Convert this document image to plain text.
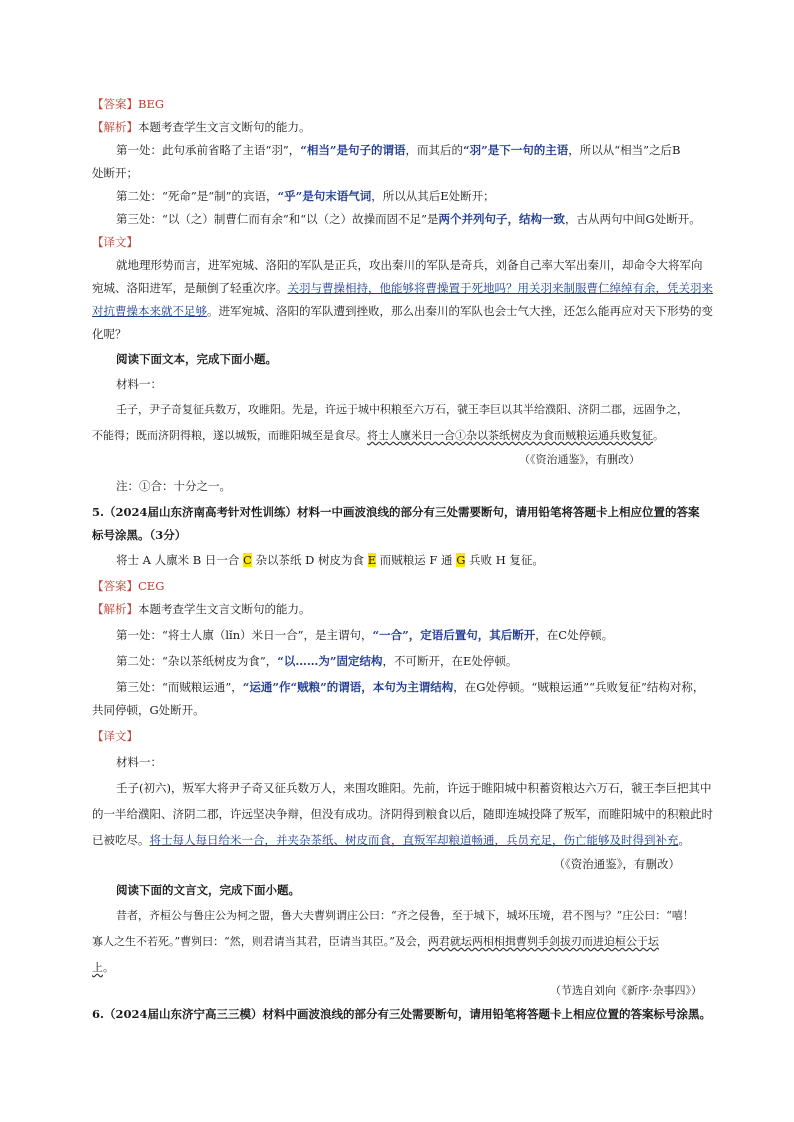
【答案】BEG
【解析】本题考查学生文言文断句的能力。
第一处：此句承前省略了主语“羽”，“相当”是句子的谓语，而其后的“羽”是下一句的主语，所以从“相当”之后B
处断开；
第二处：“死命”是“制”的宾语，“乎”是句末语气词，所以从其后E处断开；
第三处：“以（之）制曹仁而有余”和“以（之）故操而固不足”是两个并列句子，结构一致，古从两句中间G处断开。
【译文】
就地理形势而言，进军宛城、洛阳的军队是正兵，攻出秦川的军队是奇兵，刘备自己率大军出秦川，却命令大将军向
宛城、洛阳进军，是颠倒了轻重次序。关羽与曹操相持，他能够将曹操置于死地吗？用关羽来制服曹仁绰绰有余，凭关羽来
对抗曹操本来就不足够。进军宛城、洛阳的军队遭到挫败，那么出秦川的军队也会士气大挫，还怎么能再应对天下形势的变
化呢？
阅读下面文本，完成下面小题。
材料一：
壬子，尹子奇复征兵数万，攻睢阳。先是，许远于城中积粮至六万石，虢王李巨以其半给濮阳、济阴二郡，远固争之，
不能得；既而济阴得粮，遂以城叛，而睢阳城至是食尽。将士人廪米日一合①杂以茶纸树皮为食而贼粮运通兵败复征。
（《资治通鉴》，有删改）
注：①合：十分之一。
5.（2024届山东济南高考针对性训练）材料一中画波浪线的部分有三处需要断句，请用铅笔将答题卡上相应位置的答案
标号涂黑。（3分）
将士 A 人廪米 B 日一合 C 杂以茶纸 D 树皮为食 E 而贼粮运 F 通 G 兵败 H 复征。
【答案】CEG
【解析】本题考查学生文言文断句的能力。
第一处：“将士人廪（lǐn）米日一合”，是主谓句，“一合”，定语后置句，其后断开，在C处停顿。
第二处：“杂以茶纸树皮为食”，“以……为”固定结构，不可断开，在E处停顿。
第三处：“而贼粮运通”，“运通”作“贼粮”的谓语，本句为主谓结构，在G处停顿。“贼粮运通”“兵败复征”结构对称，
共同停顿，G处断开。
【译文】
材料一：
壬子(初六)，叛军大将尹子奇又征兵数万人，来围攻睢阳。先前，许远于睢阳城中积蓄资粮达六万石，虢王李巨把其中
的一半给濮阳、济阴二郡，许远坚决争辩，但没有成功。济阴得到粮食以后，随即连城投降了叛军，而睢阳城中的积粮此时
已被吃尽。将士每人每日给米一合，并夹杂茶纸、树皮而食，直叛军却粮道畅通，兵员充足，伤亡能够及时得到补充。
（《资治通鉴》，有删改）
阅读下面的文言文，完成下面小题。
昔者，齐桓公与鲁庄公为柯之盟，鲁大夫曹刿谓庄公曰：“齐之侵鲁，至于城下，城坏压境，君不图与？”庄公曰：“嘻！
寡人之生不若死。”曹刿曰：“然，则君请当其君，臣请当其臣。”及会，两君就坛两相相揖曹刿手剑拔刃而进迫桓公于坛
上。
（节选自刘向《新序·杂事四》）
6.（2024届山东济宁高三三模）材料中画波浪线的部分有三处需要断句，请用铅笔将答题卡上相应位置的答案标号涂黑。
